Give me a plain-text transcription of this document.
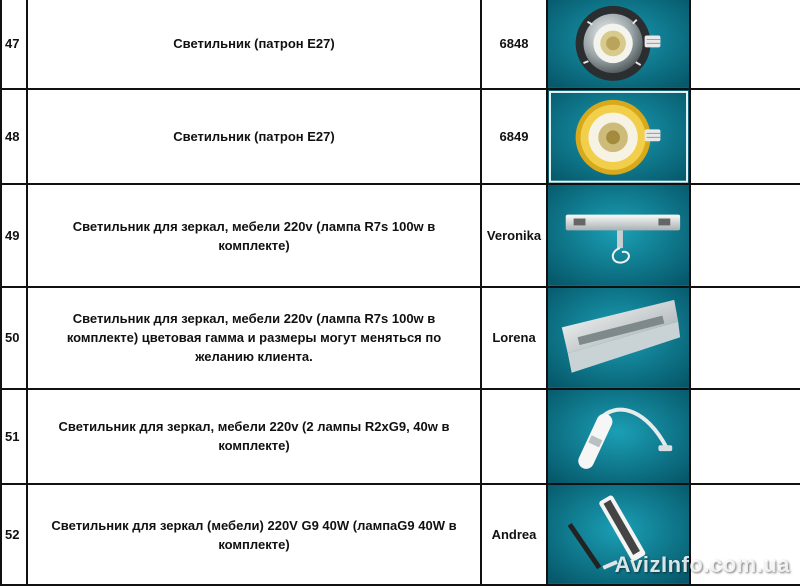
47	Светильник (патрон Е27)	6848	

48	Светильник (патрон Е27)	6849	

49	Светильник для зеркал, мебели 220v (лампа R7s 100w в комплекте)	Veronika	

50	Светильник для зеркал, мебели 220v (лампа R7s 100w в комплекте) цветовая гамма и размеры могут меняться по желанию клиента.	Lorena	

51	Светильник для зеркал, мебели 220v (2 лампы R2xG9, 40w в комплекте)		

52	Светильник для зеркал (мебели) 220V G9 40W (лампаG9 40W в комплекте)	Andrea	

AvizInfo.com.ua
